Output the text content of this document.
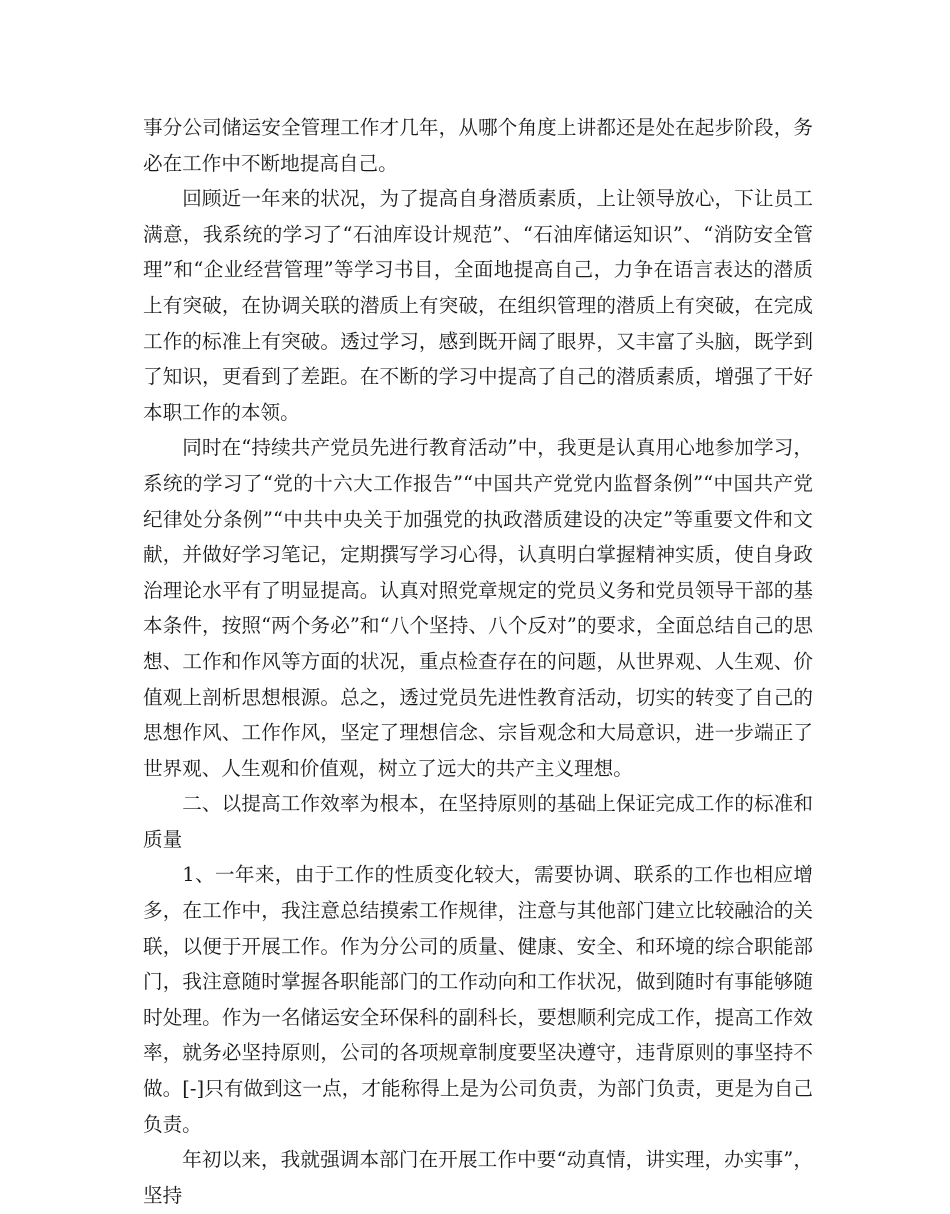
事分公司储运安全管理工作才几年，从哪个角度上讲都还是处在起步阶段，务必在工作中不断地提高自己。

回顾近一年来的状况，为了提高自身潜质素质，上让领导放心，下让员工满意，我系统的学习了“石油库设计规范”、“石油库储运知识”、“消防安全管理”和“企业经营管理”等学习书目，全面地提高自己，力争在语言表达的潜质上有突破，在协调关联的潜质上有突破，在组织管理的潜质上有突破，在完成工作的标准上有突破。透过学习，感到既开阔了眼界，又丰富了头脑，既学到了知识，更看到了差距。在不断的学习中提高了自己的潜质素质，增强了干好本职工作的本领。

同时在“持续共产党员先进行教育活动”中，我更是认真用心地参加学习，系统的学习了“党的十六大工作报告”“中国共产党党内监督条例”“中国共产党纪律处分条例”“中共中央关于加强党的执政潜质建设的决定”等重要文件和文献，并做好学习笔记，定期撰写学习心得，认真明白掌握精神实质，使自身政治理论水平有了明显提高。认真对照党章规定的党员义务和党员领导干部的基本条件，按照“两个务必”和“八个坚持、八个反对”的要求，全面总结自己的思想、工作和作风等方面的状况，重点检查存在的问题，从世界观、人生观、价值观上剖析思想根源。总之，透过党员先进性教育活动，切实的转变了自己的思想作风、工作作风，坚定了理想信念、宗旨观念和大局意识，进一步端正了世界观、人生观和价值观，树立了远大的共产主义理想。

二、以提高工作效率为根本，在坚持原则的基础上保证完成工作的标准和质量

1、一年来，由于工作的性质变化较大，需要协调、联系的工作也相应增多，在工作中，我注意总结摸索工作规律，注意与其他部门建立比较融洽的关联，以便于开展工作。作为分公司的质量、健康、安全、和环境的综合职能部门，我注意随时掌握各职能部门的工作动向和工作状况，做到随时有事能够随时处理。作为一名储运安全环保科的副科长，要想顺利完成工作，提高工作效率，就务必坚持原则，公司的各项规章制度要坚决遵守，违背原则的事坚持不做。[-]只有做到这一点，才能称得上是为公司负责，为部门负责，更是为自己负责。

年初以来，我就强调本部门在开展工作中要“动真情，讲实理，办实事”，坚持
